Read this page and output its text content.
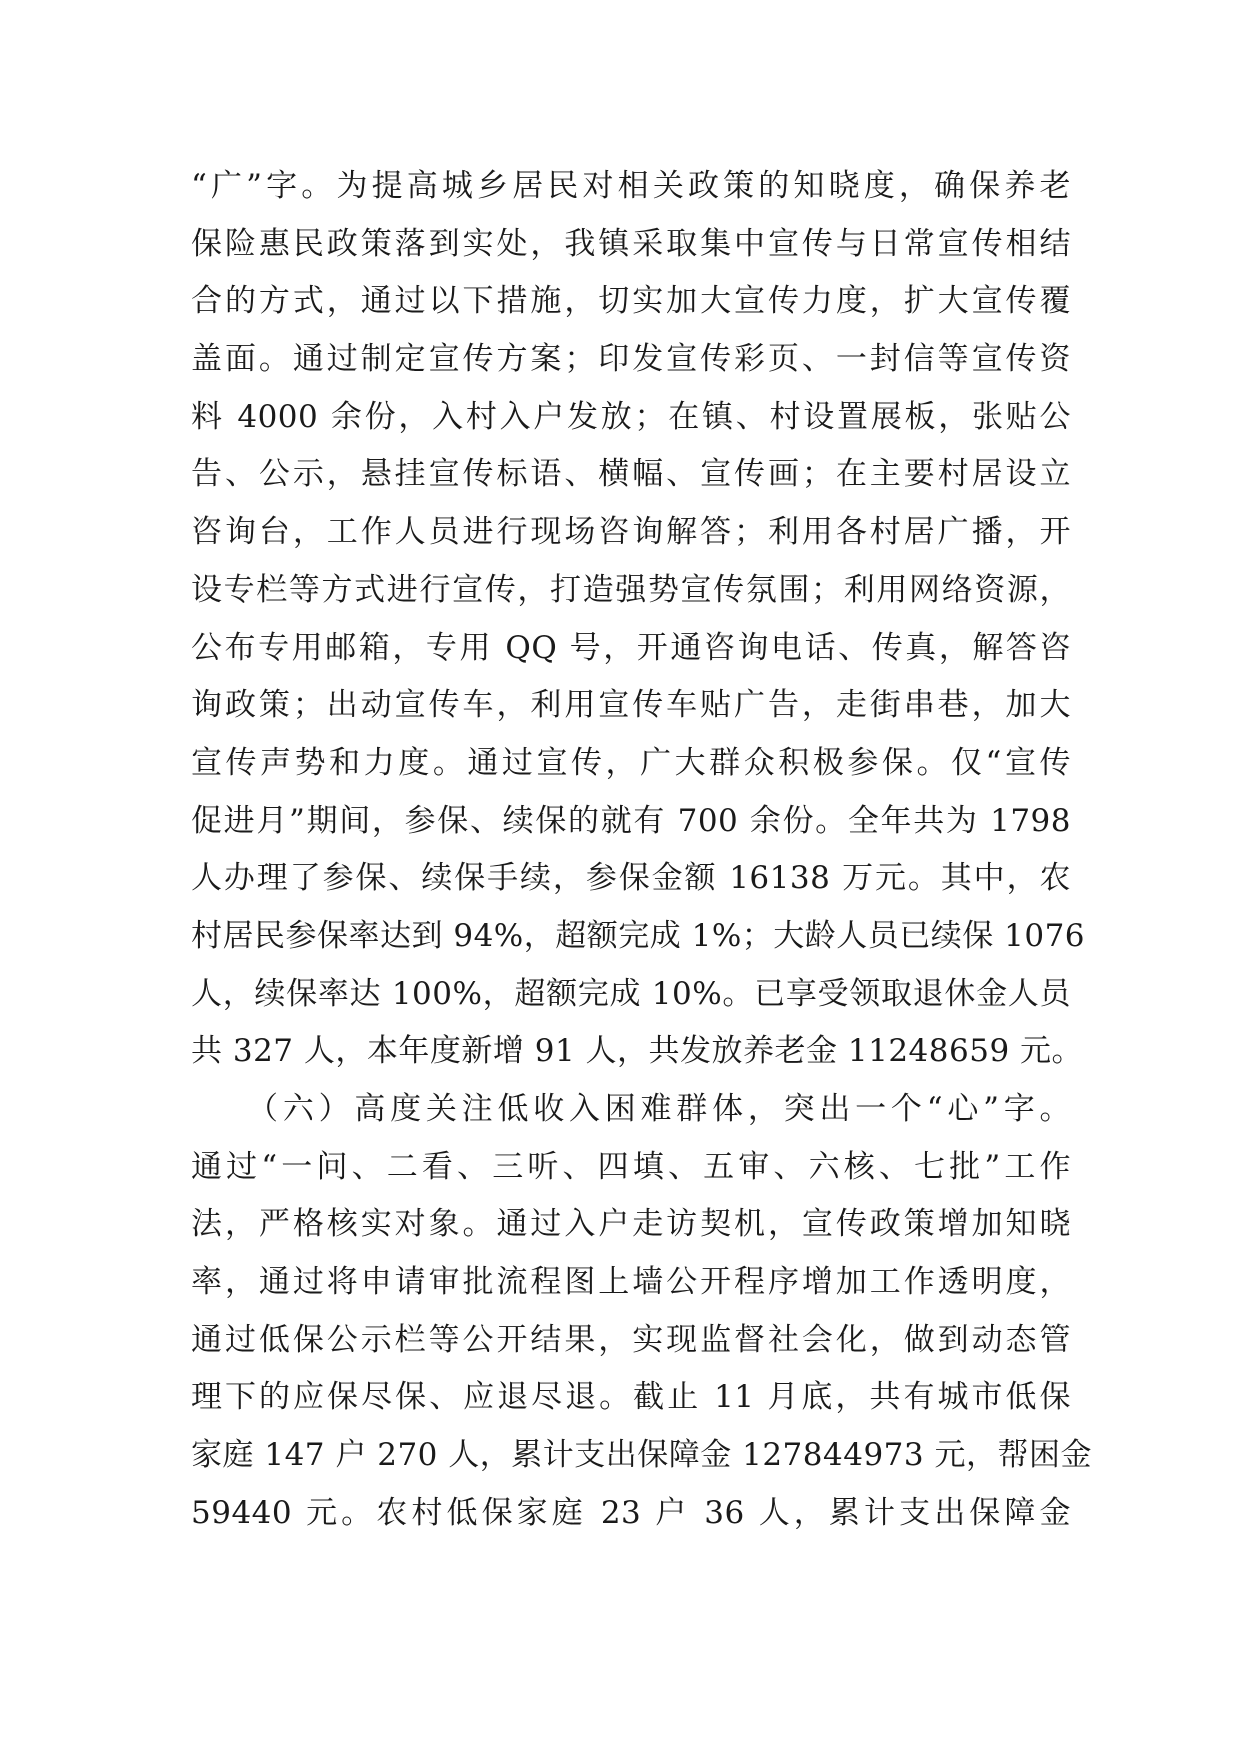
“广”字。为提高城乡居民对相关政策的知晓度，确保养老
保险惠民政策落到实处，我镇采取集中宣传与日常宣传相结
合的方式，通过以下措施，切实加大宣传力度，扩大宣传覆
盖面。通过制定宣传方案；印发宣传彩页、一封信等宣传资
料 4000 余份，入村入户发放；在镇、村设置展板，张贴公
告、公示，悬挂宣传标语、横幅、宣传画；在主要村居设立
咨询台，工作人员进行现场咨询解答；利用各村居广播，开
设专栏等方式进行宣传，打造强势宣传氛围；利用网络资源，
公布专用邮箱，专用 QQ 号，开通咨询电话、传真，解答咨
询政策；出动宣传车，利用宣传车贴广告，走街串巷，加大
宣传声势和力度。通过宣传，广大群众积极参保。仅“宣传
促进月”期间，参保、续保的就有 700 余份。全年共为 1798
人办理了参保、续保手续，参保金额 16138 万元。其中，农
村居民参保率达到 94%，超额完成 1%；大龄人员已续保 1076
人，续保率达 100%，超额完成 10%。已享受领取退休金人员
共 327 人，本年度新增 91 人，共发放养老金 11248659 元。
　　（六）高度关注低收入困难群体，突出一个“心”字。
通过“一问、二看、三听、四填、五审、六核、七批”工作
法，严格核实对象。通过入户走访契机，宣传政策增加知晓
率，通过将申请审批流程图上墙公开程序增加工作透明度，
通过低保公示栏等公开结果，实现监督社会化，做到动态管
理下的应保尽保、应退尽退。截止 11 月底，共有城市低保
家庭 147 户 270 人，累计支出保障金 127844973 元，帮困金
59440 元。农村低保家庭 23 户 36 人，累计支出保障金
